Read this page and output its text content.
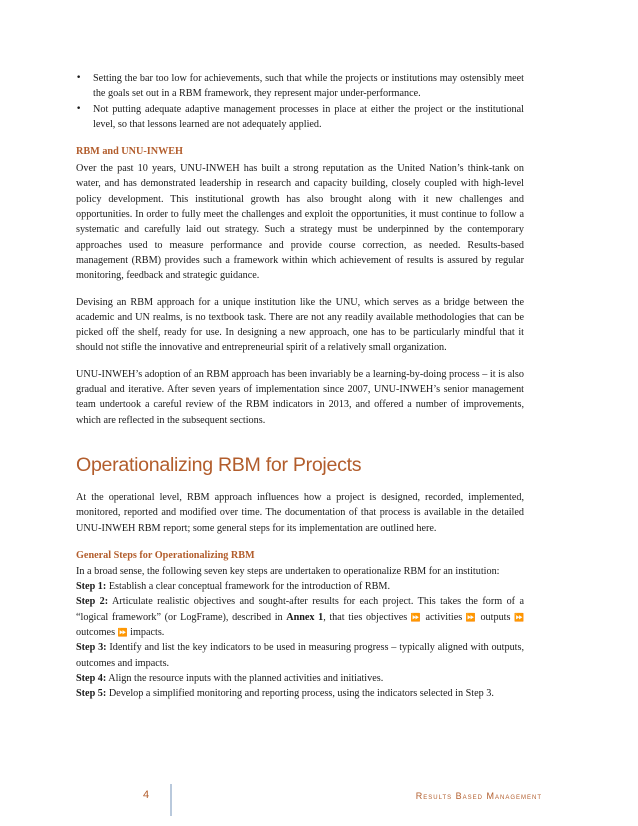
• Setting the bar too low for achievements, such that while the projects or institutions may ostensibly meet the goals set out in a RBM framework, they represent major under-performance.
• Not putting adequate adaptive management processes in place at either the project or the institutional level, so that lessons learned are not adequately applied.
RBM and UNU-INWEH

Over the past 10 years, UNU-INWEH has built a strong reputation as the United Nation’s think-tank on water, and has demonstrated leadership in research and capacity building, closely coupled with high-level policy development. This institutional growth has also brought along with it new challenges and opportunities. In order to fully meet the challenges and exploit the opportunities, it must continue to follow a systematic and carefully laid out strategy. Such a strategy must be underpinned by the contemporary approaches used to measure performance and provide course correction, as needed. Results-based management (RBM) provides such a framework within which achievement of results is assured by regular monitoring, feedback and strategic guidance.

Devising an RBM approach for a unique institution like the UNU, which serves as a bridge between the academic and UN realms, is no textbook task. There are not any readily available methodologies that can be picked off the shelf, ready for use. In designing a new approach, one has to be particularly mindful that it should not stifle the innovative and entrepreneurial spirit of a relatively small organization.

UNU-INWEH’s adoption of an RBM approach has been invariably be a learning-by-doing process – it is also gradual and iterative. After seven years of implementation since 2007, UNU-INWEH’s senior management team undertook a careful review of the RBM indicators in 2013, and offered a number of improvements, which are reflected in the subsequent sections.

Operationalizing RBM for Projects

At the operational level, RBM approach influences how a project is designed, recorded, implemented, monitored, reported and modified over time. The documentation of that process is available in the detailed UNU-INWEH RBM report; some general steps for its implementation are outlined here.

General Steps for Operationalizing RBM

In a broad sense, the following seven key steps are undertaken to operationalize RBM for an institution:

Step 1: Establish a clear conceptual framework for the introduction of RBM.

Step 2: Articulate realistic objectives and sought-after results for each project. This takes the form of a “logical framework” (or LogFrame), described in Annex 1, that ties objectives ⏩ activities ⏩ outputs ⏩ outcomes ⏩ impacts.

Step 3: Identify and list the key indicators to be used in measuring progress – typically aligned with outputs, outcomes and impacts.

Step 4: Align the resource inputs with the planned activities and initiatives.

Step 5: Develop a simplified monitoring and reporting process, using the indicators selected in Step 3.

4	Results Based Management
